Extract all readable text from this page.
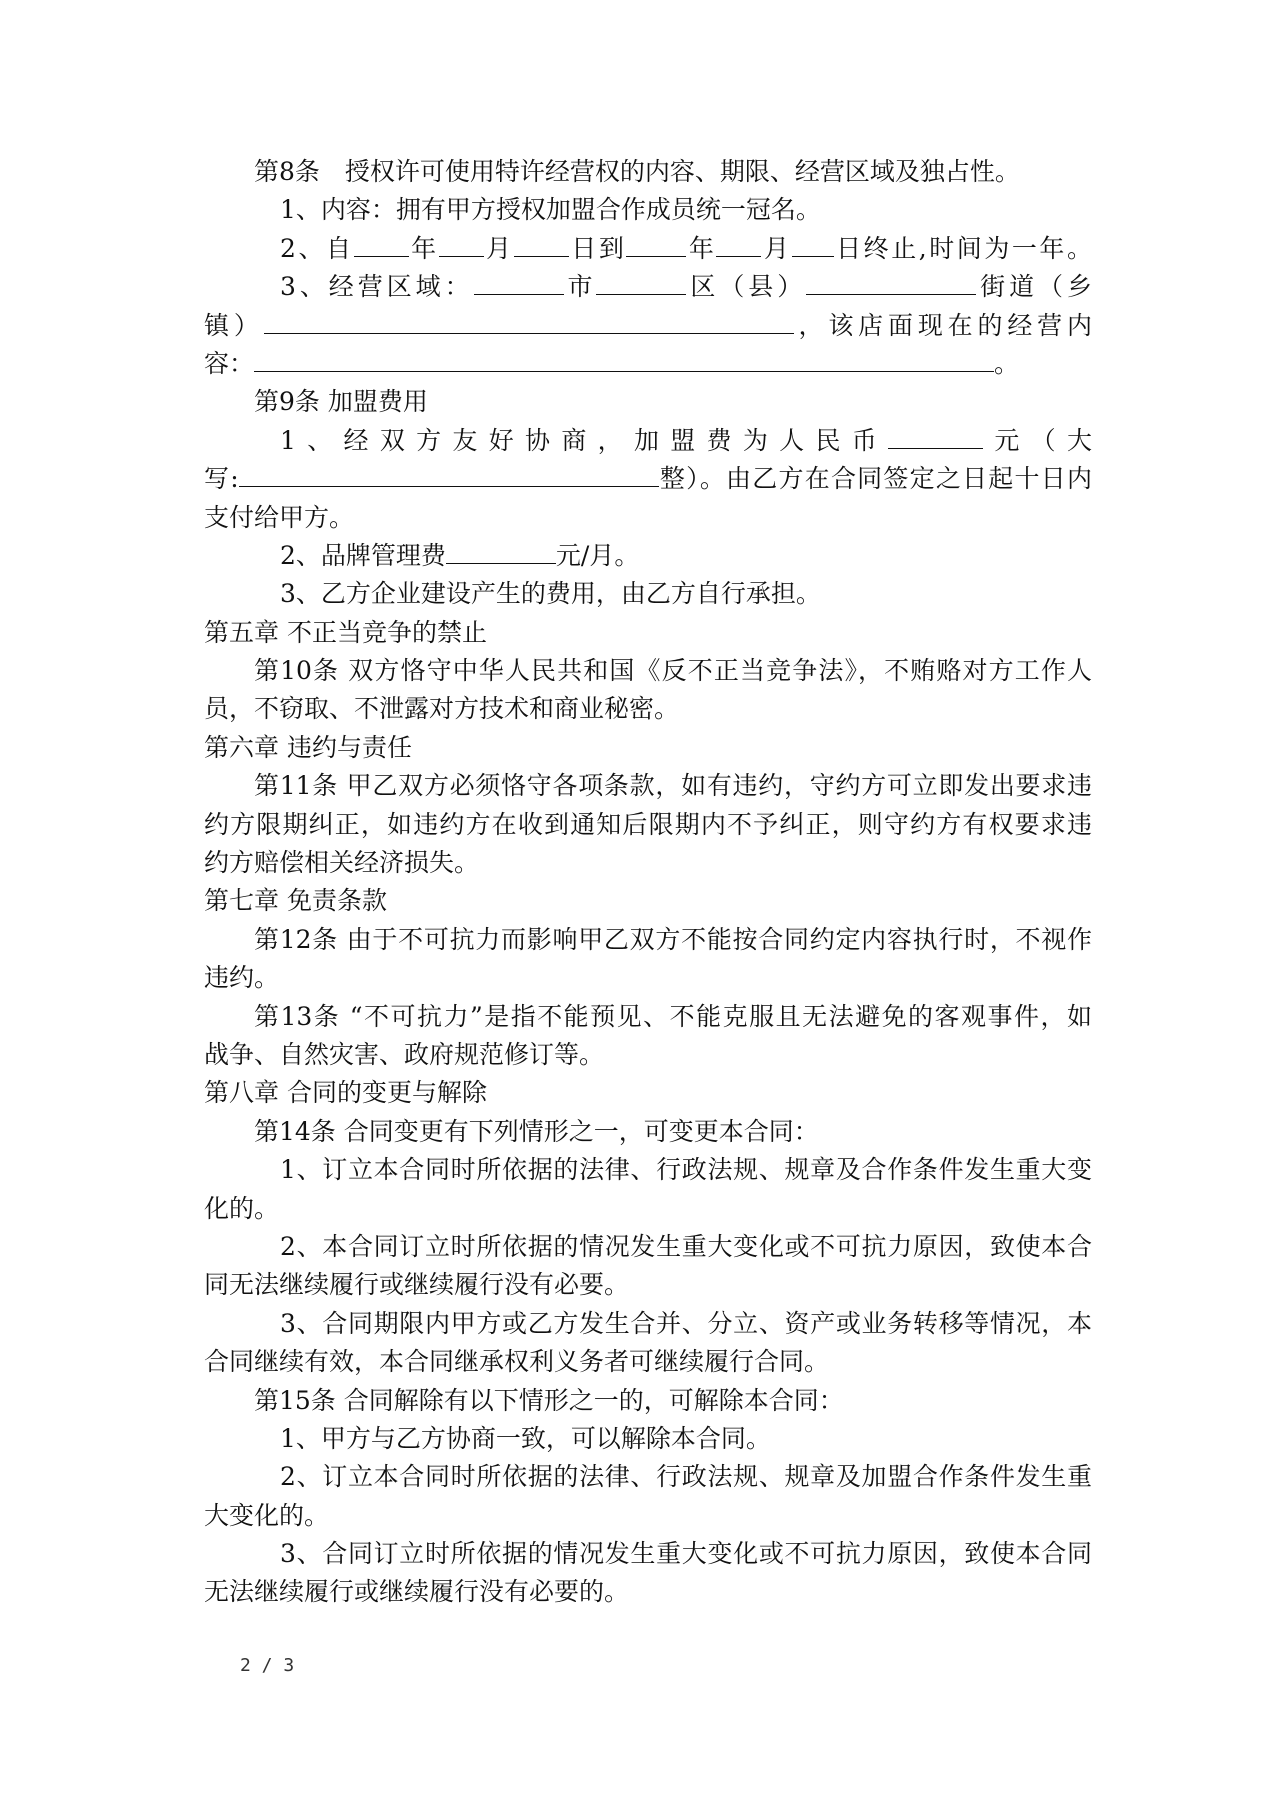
第8条　授权许可使用特许经营权的内容、期限、经营区域及独占性。
1、内容：拥有甲方授权加盟合作成员统一冠名。
2、自 年 月 日到 年 月 日终止,时间为一年。
3、经营区域：	市	区（县）	街道（乡
镇）	，该店面现在的经营内
容：	。
第9条 加盟费用
1、经双方友好协商，加盟费为人民币	元（大
写:	整）。由乙方在合同签定之日起十日内
支付给甲方。
2、品牌管理费	元/月。
3、乙方企业建设产生的费用，由乙方自行承担。
第五章 不正当竞争的禁止
第10条 双方恪守中华人民共和国《反不正当竞争法》，不贿赂对方工作人
员，不窃取、不泄露对方技术和商业秘密。
第六章 违约与责任
第11条 甲乙双方必须恪守各项条款，如有违约，守约方可立即发出要求违
约方限期纠正，如违约方在收到通知后限期内不予纠正，则守约方有权要求违
约方赔偿相关经济损失。
第七章 免责条款
第12条 由于不可抗力而影响甲乙双方不能按合同约定内容执行时，不视作
违约。
第13条 “不可抗力”是指不能预见、不能克服且无法避免的客观事件，如
战争、自然灾害、政府规范修订等。
第八章 合同的变更与解除
第14条 合同变更有下列情形之一，可变更本合同：
1、订立本合同时所依据的法律、行政法规、规章及合作条件发生重大变
化的。
2、本合同订立时所依据的情况发生重大变化或不可抗力原因，致使本合
同无法继续履行或继续履行没有必要。
3、合同期限内甲方或乙方发生合并、分立、资产或业务转移等情况，本
合同继续有效，本合同继承权利义务者可继续履行合同。
第15条 合同解除有以下情形之一的，可解除本合同：
1、甲方与乙方协商一致，可以解除本合同。
2、订立本合同时所依据的法律、行政法规、规章及加盟合作条件发生重
大变化的。
3、合同订立时所依据的情况发生重大变化或不可抗力原因，致使本合同
无法继续履行或继续履行没有必要的。
2 / 3
